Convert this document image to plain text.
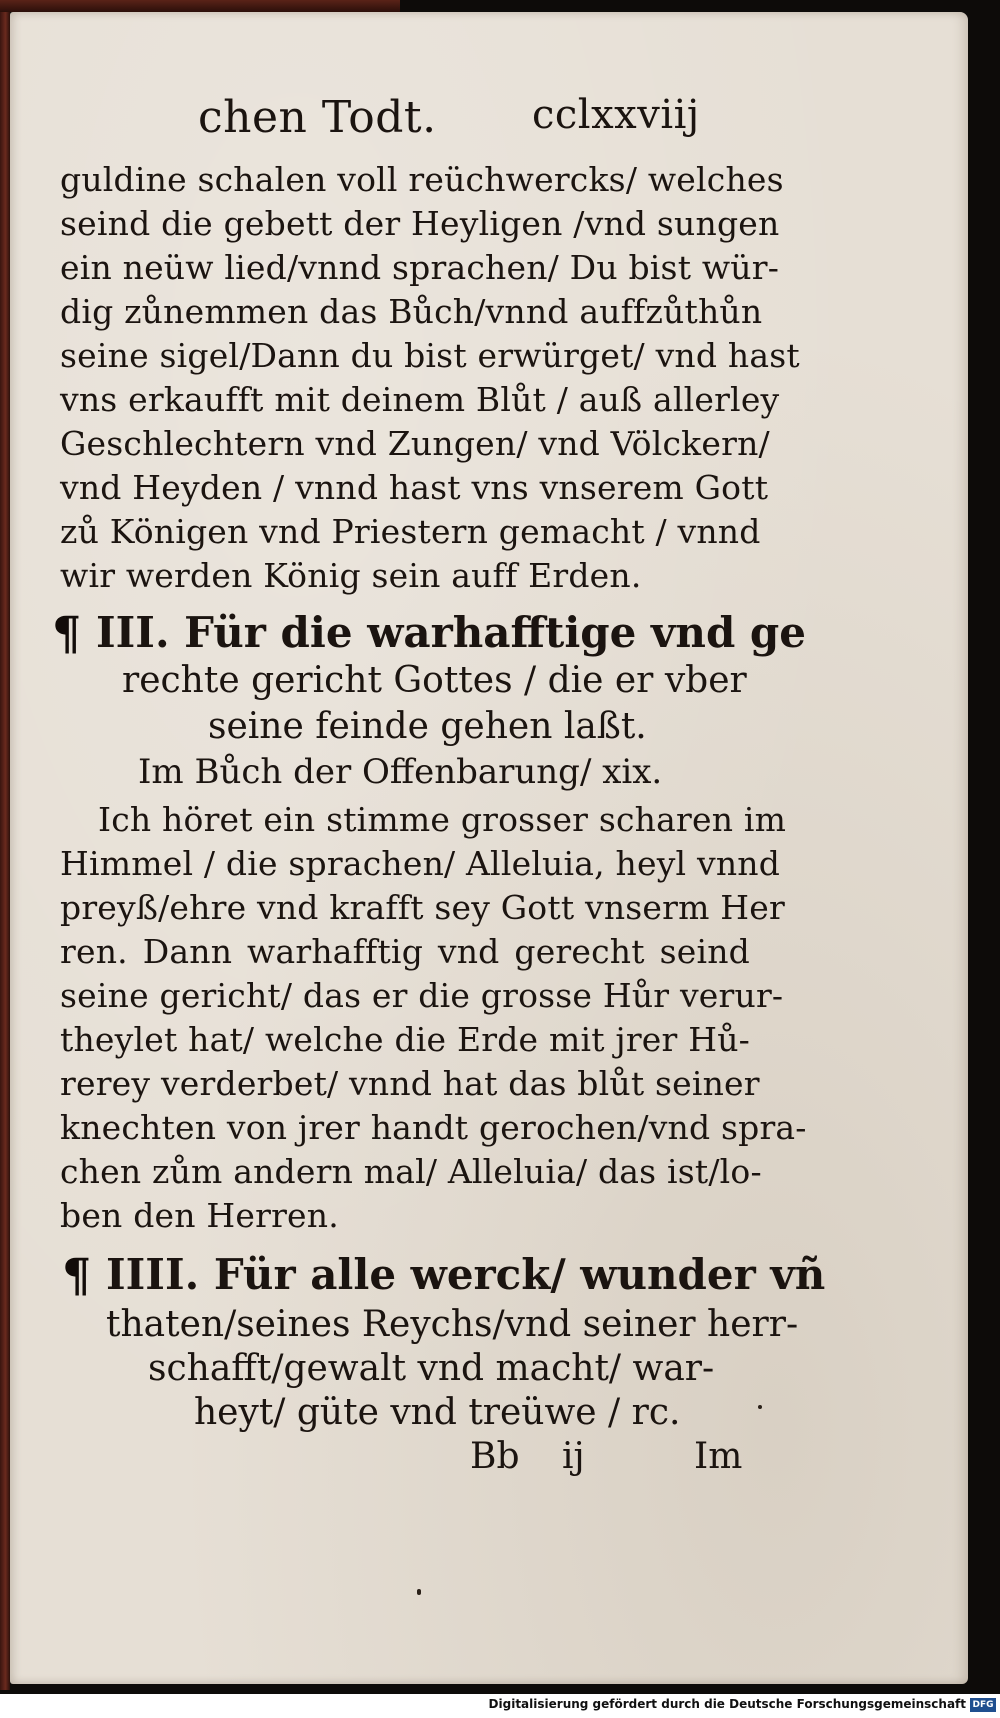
chen Todt. cclxxviij
guldine schalen voll reüchwercks/ welches
seind die gebett der Heyligen /vnd sungen
ein neüw lied/vnnd sprachen/ Du bist wür-
dig zůnemmen das Bůch/vnnd auffzůthůn
seine sigel/Dann du bist erwürget/ vnd hast
vns erkaufft mit deinem Blůt / auß allerley
Geschlechtern vnd Zungen/ vnd Völckern/
vnd Heyden / vnnd hast vns vnserem Gott
zů Königen vnd Priestern gemacht / vnnd
wir werden König sein auff Erden.
¶ III. Für die warhafftige vnd ge
rechte gericht Gottes / die er vber
seine feinde gehen laßt.
Im Bůch der Offenbarung/ xix.
Ich höret ein stimme grosser scharen im
Himmel / die sprachen/ Alleluia, heyl vnnd
preyß/ehre vnd krafft sey Gott vnserm Her
ren. Dann warhafftig vnd gerecht seind
seine gericht/ das er die grosse Hůr verur-
theylet hat/ welche die Erde mit jrer Hů-
rerey verderbet/ vnnd hat das blůt seiner
knechten von jrer handt gerochen/vnd spra-
chen zům andern mal/ Alleluia/ das ist/lo-
ben den Herren.
¶ IIII. Für alle werck/ wunder vñ
thaten/seines Reychs/vnd seiner herr-
schafft/gewalt vnd macht/ war-
heyt/ güte vnd treüwe / rc.
Bb ij	Im
Digitalisierung gefördert durch die Deutsche Forschungsgemeinschaft DFG
